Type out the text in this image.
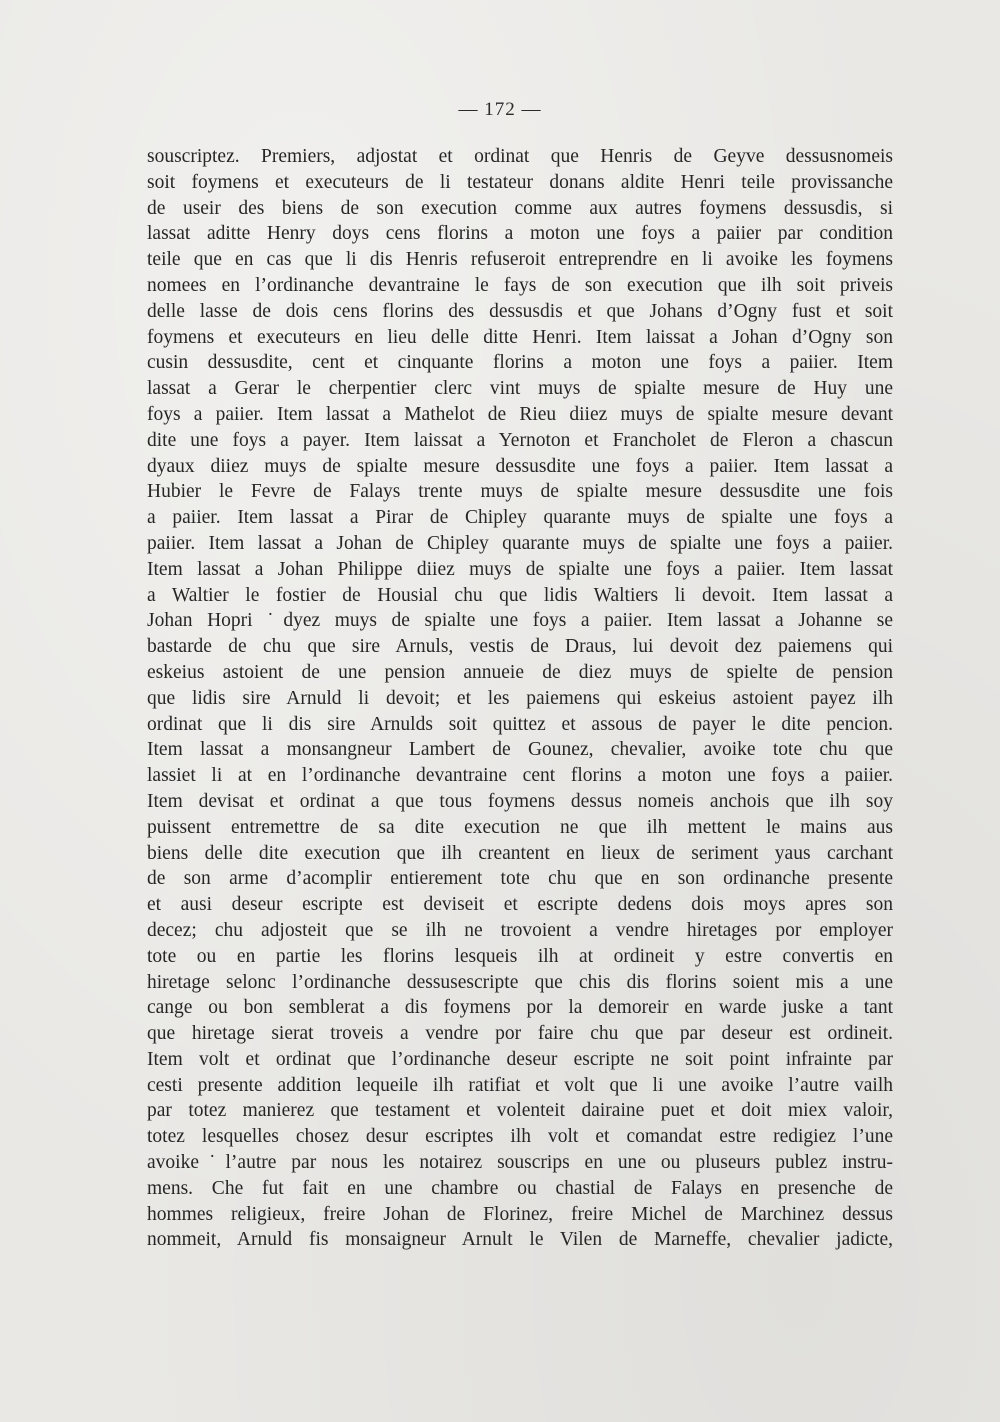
— 172 —
souscriptez. Premiers, adjostat et ordinat que Henris de Geyve dessusnomeis
soit foymens et executeurs de li testateur donans aldite Henri teile provissanche
de useir des biens de son execution comme aux autres foymens dessusdis, si
lassat aditte Henry doys cens florins a moton une foys a paiier par condition
teile que en cas que li dis Henris refuseroit entreprendre en li avoike les foymens
nomees en l’ordinanche devantraine le fays de son execution que ilh soit priveis
delle lasse de dois cens florins des dessusdis et que Johans d’Ogny fust et soit
foymens et executeurs en lieu delle ditte Henri. Item laissat a Johan d’Ogny son
cusin dessusdite, cent et cinquante florins a moton une foys a paiier. Item
lassat a Gerar le cherpentier clerc vint muys de spialte mesure de Huy une
foys a paiier. Item lassat a Mathelot de Rieu diiez muys de spialte mesure devant
dite une foys a payer. Item laissat a Yernoton et Francholet de Fleron a chascun
dyaux diiez muys de spialte mesure dessusdite une foys a paiier. Item lassat a
Hubier le Fevre de Falays trente muys de spialte mesure dessusdite une fois
a paiier. Item lassat a Pirar de Chipley quarante muys de spialte une foys a
paiier. Item lassat a Johan de Chipley quarante muys de spialte une foys a paiier.
Item lassat a Johan Philippe diiez muys de spialte une foys a paiier. Item lassat
a Waltier le fostier de Housial chu que lidis Waltiers li devoit. Item lassat a
Johan Hopri ˙dyez muys de spialte une foys a paiier. Item lassat a Johanne se
bastarde de chu que sire Arnuls, vestis de Draus, lui devoit dez paiemens qui
eskeius astoient de une pension annueie de diez muys de spielte de pension
que lidis sire Arnuld li devoit; et les paiemens qui eskeius astoient payez ilh
ordinat que li dis sire Arnulds soit quittez et assous de payer le dite pencion.
Item lassat a monsangneur Lambert de Gounez, chevalier, avoike tote chu que
lassiet li at en l’ordinanche devantraine cent florins a moton une foys a paiier.
Item devisat et ordinat a que tous foymens dessus nomeis anchois que ilh soy
puissent entremettre de sa dite execution ne que ilh mettent le mains aus
biens delle dite execution que ilh creantent en lieux de seriment yaus carchant
de son arme d’acomplir entierement tote chu que en son ordinanche presente
et ausi deseur escripte est deviseit et escripte dedens dois moys apres son
decez; chu adjosteit que se ilh ne trovoient a vendre hiretages por employer
tote ou en partie les florins lesqueis ilh at ordineit y estre convertis en
hiretage selonc l’ordinanche dessusescripte que chis dis florins soient mis a une
cange ou bon semblerat a dis foymens por la demoreir en warde juske a tant
que hiretage sierat troveis a vendre por faire chu que par deseur est ordineit.
Item volt et ordinat que l’ordinanche deseur escripte ne soit point infrainte par
cesti presente addition lequeile ilh ratifiat et volt que li une avoike l’autre vailh
par totez manierez que testament et volenteit dairaine puet et doit miex valoir,
totez lesquelles chosez desur escriptes ilh volt et comandat estre redigiez l’une
avoike˙l’autre par nous les notairez souscrips en une ou pluseurs publez instru-
mens. Che fut fait en une chambre ou chastial de Falays en presenche de
hommes religieux, freire Johan de Florinez, freire Michel de Marchinez dessus
nommeit, Arnuld fis monsaigneur Arnult le Vilen de Marneffe, chevalier jadicte,
